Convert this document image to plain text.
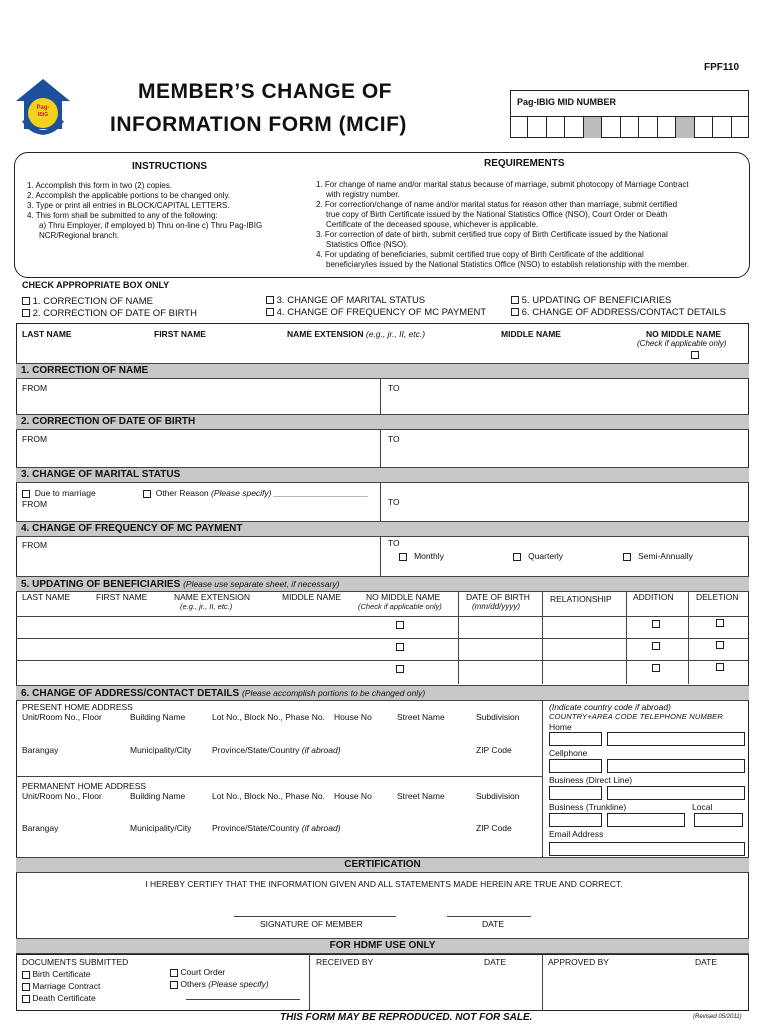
FPF110
Pag-
IBIG
MEMBER’S CHANGE OF
INFORMATION FORM (MCIF)
Pag-IBIG MID NUMBER
INSTRUCTIONS
1. Accomplish this form in two (2) copies.
2. Accomplish the applicable portions to be changed only.
3. Type or print all entries in BLOCK/CAPITAL LETTERS.
4. This form shall be submitted to any of the following:
a) Thru Employer, if employed b) Thru on-line c) Thru Pag-IBIG
NCR/Regional branch.
REQUIREMENTS
1. For change of name and/or marital status because of marriage, submit photocopy of Marriage Contract
with registry number.
2. For correction/change of name and/or marital status for reason other than marriage, submit certified
true copy of Birth Certificate issued by the National Statistics Office (NSO), Court Order or Death
Certificate of the deceased spouse, whichever is applicable.
3. For correction of date of birth, submit certified true copy of Birth Certificate issued by the National
Statistics Office (NSO).
4. For updating of beneficiaries, submit certified true copy of Birth Certificate of the additional
beneficiary/ies issued by the National Statistics Office (NSO) to establish relationship with the member.
CHECK APPROPRIATE BOX ONLY
1. CORRECTION OF NAME
2. CORRECTION OF DATE OF BIRTH
3. CHANGE OF MARITAL STATUS
4. CHANGE OF FREQUENCY OF MC PAYMENT
5. UPDATING OF BENEFICIARIES
6. CHANGE OF ADDRESS/CONTACT DETAILS
LAST NAME	FIRST NAME	NAME EXTENSION (e.g., jr., II, etc.)	MIDDLE NAME	NO MIDDLE NAME
(Check if applicable only)
1. CORRECTION OF NAME
FROM	TO
2. CORRECTION OF DATE OF BIRTH
FROM	TO
3. CHANGE OF MARITAL STATUS
Due to marriage	Other Reason (Please specify) ____________________
FROM	TO
4. CHANGE OF FREQUENCY OF MC PAYMENT
FROM	TO
Monthly	Quarterly	Semi-Annually
5. UPDATING OF BENEFICIARIES (Please use separate sheet, if necessary)
LAST NAME	FIRST NAME	NAME EXTENSION
(e.g., jr., II, etc.)
MIDDLE NAME	NO MIDDLE NAME
(Check if applicable only)
DATE OF BIRTH
(mm/dd/yyyy)
RELATIONSHIP	ADDITION	DELETION
6. CHANGE OF ADDRESS/CONTACT DETAILS (Please accomplish portions to be changed only)
PRESENT HOME ADDRESS
Unit/Room No., Floor	Building Name	Lot No., Block No., Phase No. House No	Street Name	Subdivision
Barangay	Municipality/City Province/State/Country (if abroad)	ZIP Code
PERMANENT HOME ADDRESS
Unit/Room No., Floor	Building Name	Lot No., Block No., Phase No. House No	Street Name	Subdivision
Barangay	Municipality/City Province/State/Country (if abroad)	ZIP Code
(Indicate country code if abroad)
COUNTRY+AREA CODE TELEPHONE NUMBER
Home
Cellphone
Business (Direct Line)
Business (Trunkline)	Local
Email Address
CERTIFICATION
I HEREBY CERTIFY THAT THE INFORMATION GIVEN AND ALL STATEMENTS MADE HEREIN ARE TRUE AND CORRECT.
SIGNATURE OF MEMBER	DATE
FOR HDMF USE ONLY
DOCUMENTS SUBMITTED
Birth Certificate
Marriage Contract
Death Certificate
Court Order
Others (Please specify)
RECEIVED BY	DATE	APPROVED BY	DATE
THIS FORM MAY BE REPRODUCED. NOT FOR SALE.	(Revised 05/2011)
